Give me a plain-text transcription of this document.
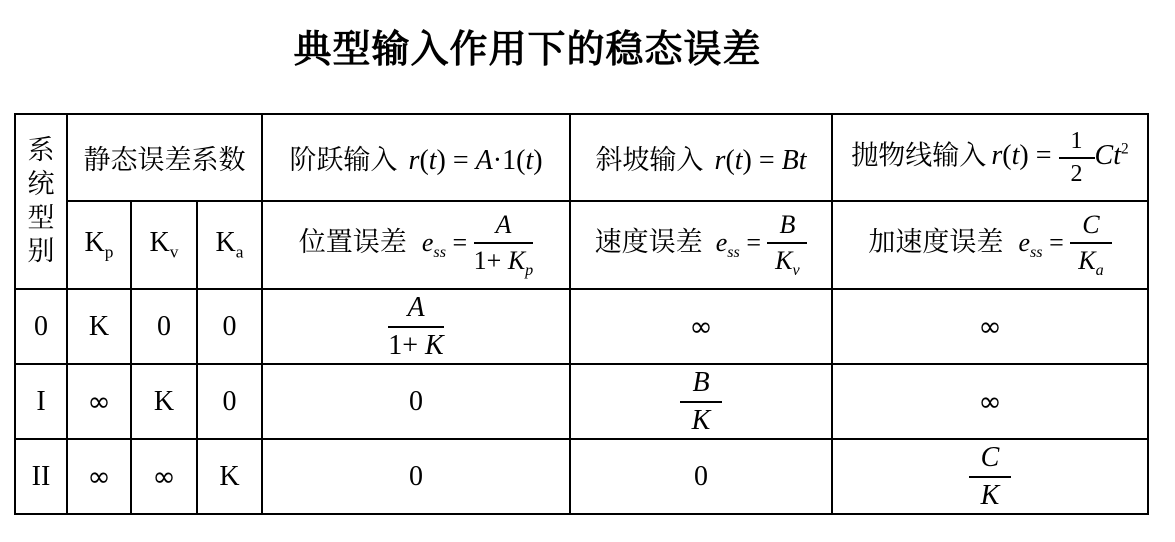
典型输入作用下的稳态误差
系统型别	静态误差系数			阶跃输入 r(t) = A·1(t)	斜坡输入 r(t) = Bt	抛物线输入 $r(t) = \frac{1}{2} Ct^2$
	$K_p$	$K_v$	$K_a$	位置误差 $e_{ss} = \frac{A}{1+ K_p}$	速度误差 $e_{ss} = \frac{B}{K_v}$	加速度误差 $e_{ss} = \frac{C}{K_a}$

0	K	0	0	$\frac{A}{1+ K}$	∞	∞
I	∞	K	0	0	$\frac{B}{K}$	∞
II	∞	∞	K	0	0	$\frac{C}{K}$
